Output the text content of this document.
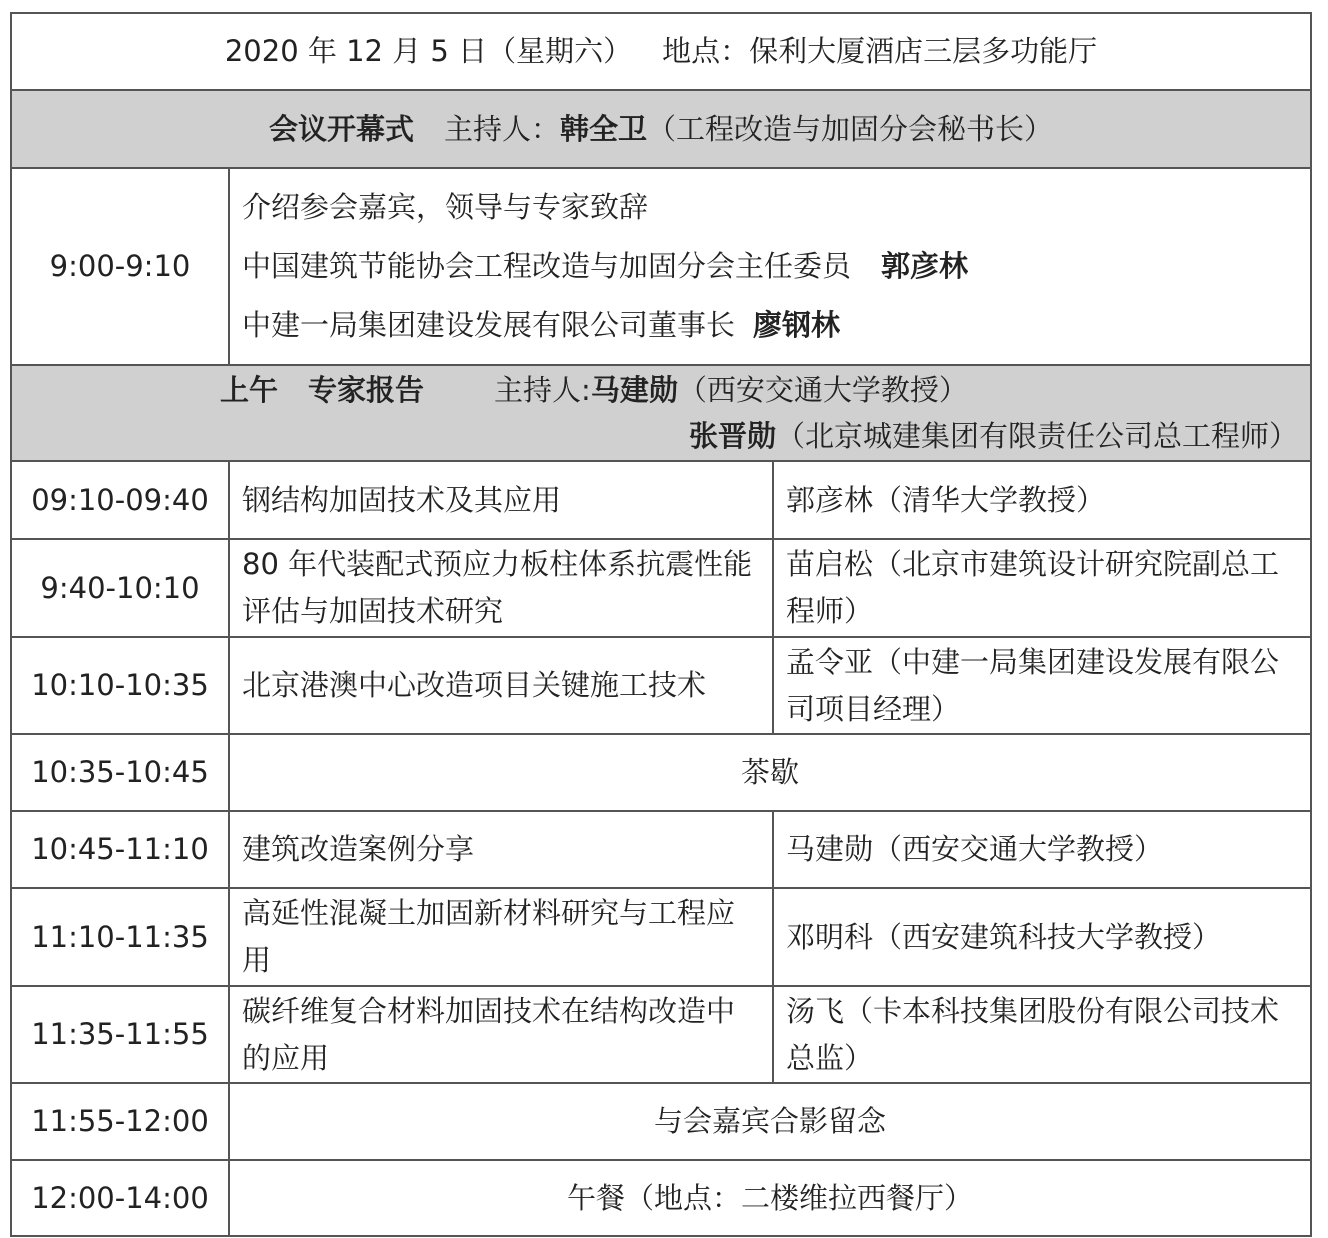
2020 年 12 月 5 日（星期六） 地点：保利大厦酒店三层多功能厅		
会议开幕式 主持人：韩全卫（工程改造与加固分会秘书长）		
9:00-9:10	介绍参会嘉宾，领导与专家致辞
中国建筑节能协会工程改造与加固分会主任委员 郭彦林
中建一局集团建设发展有限公司董事长 廖钢林	

上午 专家报告 主持人:马建勋（西安交通大学教授）
张晋勋（北京城建集团有限责任公司总工程师）		

09:10-09:40	钢结构加固技术及其应用	郭彦林（清华大学教授）
9:40-10:10	80 年代装配式预应力板柱体系抗震性能评估与加固技术研究	苗启松（北京市建筑设计研究院副总工程师）
10:10-10:35	北京港澳中心改造项目关键施工技术	孟令亚（中建一局集团建设发展有限公司项目经理）
10:35-10:45	茶歇	
10:45-11:10	建筑改造案例分享	马建勋（西安交通大学教授）
11:10-11:35	高延性混凝土加固新材料研究与工程应用	邓明科（西安建筑科技大学教授）
11:35-11:55	碳纤维复合材料加固技术在结构改造中的应用	汤飞（卡本科技集团股份有限公司技术总监）
11:55-12:00	与会嘉宾合影留念	
12:00-14:00	午餐（地点：二楼维拉西餐厅）	
